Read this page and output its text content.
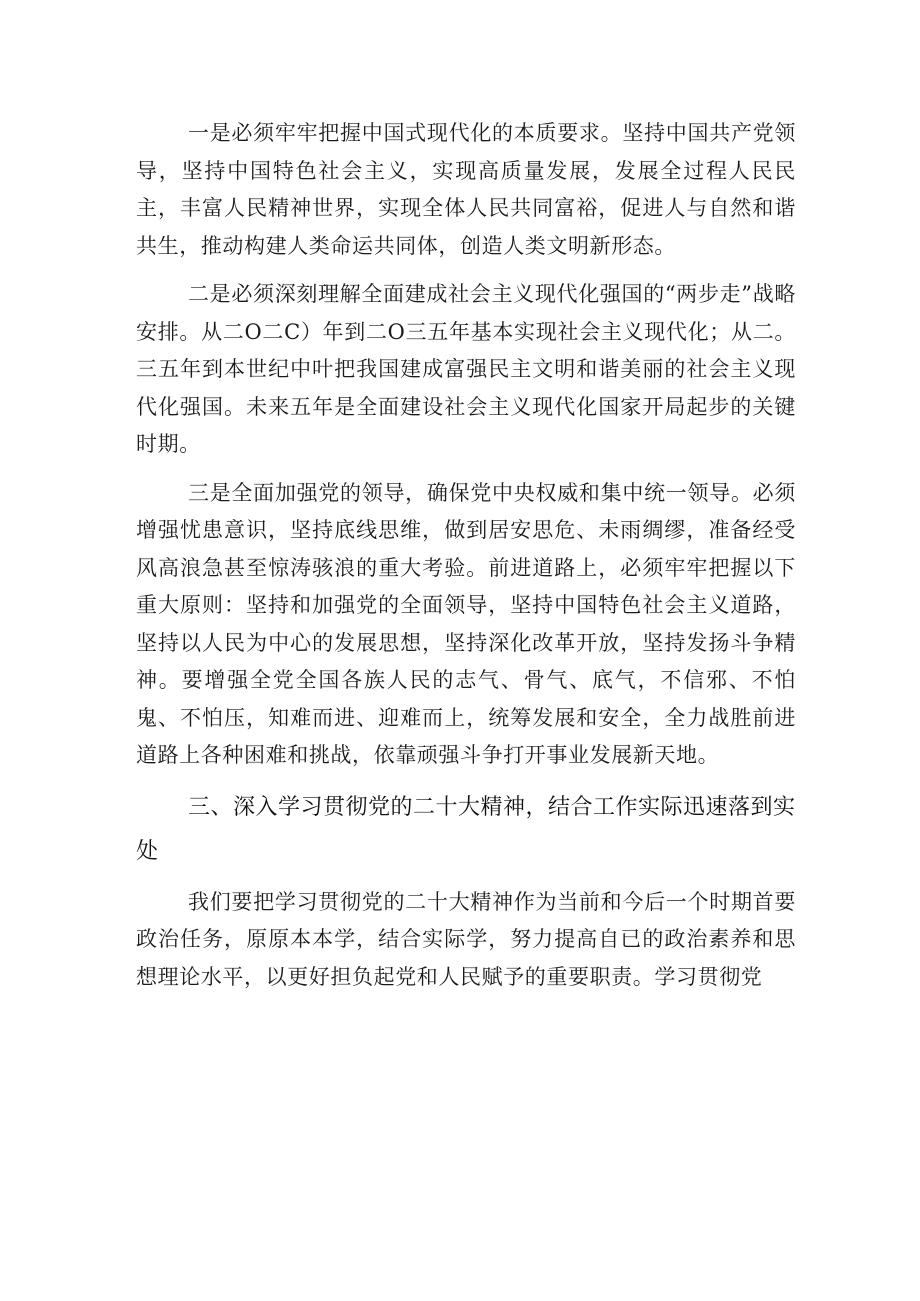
一是必须牢牢把握中国式现代化的本质要求。坚持中国共产党领导，坚持中国特色社会主义，实现高质量发展，发展全过程人民民主，丰富人民精神世界，实现全体人民共同富裕，促进人与自然和谐共生，推动构建人类命运共同体，创造人类文明新形态。

二是必须深刻理解全面建成社会主义现代化强国的“两步走”战略安排。从二O二C）年到二O三五年基本实现社会主义现代化；从二。三五年到本世纪中叶把我国建成富强民主文明和谐美丽的社会主义现代化强国。未来五年是全面建设社会主义现代化国家开局起步的关键时期。

三是全面加强党的领导，确保党中央权威和集中统一领导。必须增强忧患意识，坚持底线思维，做到居安思危、未雨绸缪，准备经受风高浪急甚至惊涛骇浪的重大考验。前进道路上，必须牢牢把握以下重大原则：坚持和加强党的全面领导，坚持中国特色社会主义道路，坚持以人民为中心的发展思想，坚持深化改革开放，坚持发扬斗争精神。要增强全党全国各族人民的志气、骨气、底气，不信邪、不怕鬼、不怕压，知难而进、迎难而上，统筹发展和安全，全力战胜前进道路上各种困难和挑战，依靠顽强斗争打开事业发展新天地。

三、深入学习贯彻党的二十大精神，结合工作实际迅速落到实处

我们要把学习贯彻党的二十大精神作为当前和今后一个时期首要政治任务，原原本本学，结合实际学，努力提高自已的政治素养和思想理论水平，以更好担负起党和人民赋予的重要职责。学习贯彻党
